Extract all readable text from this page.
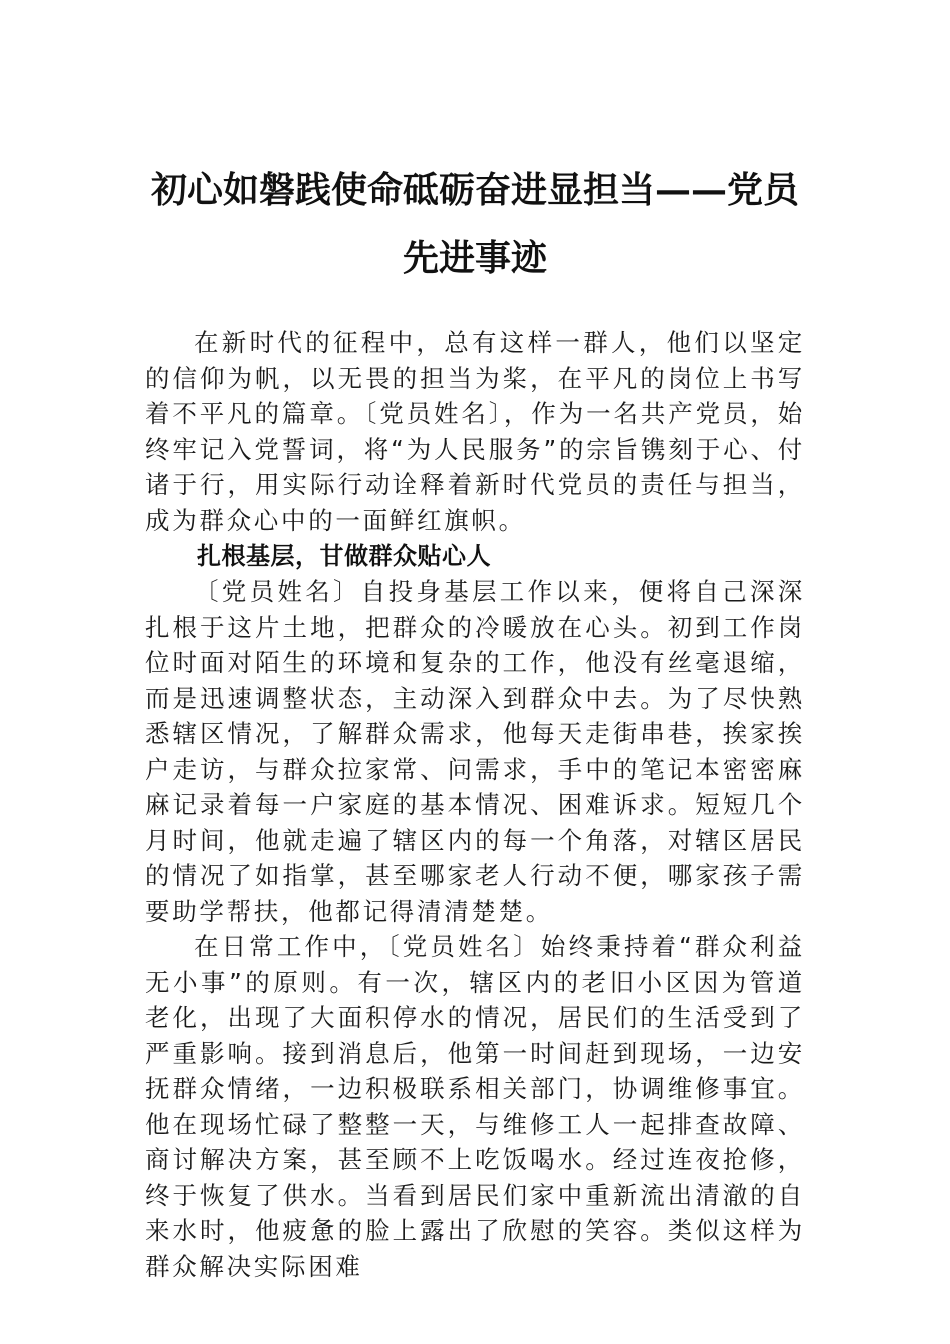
初心如磐践使命砥砺奋进显担当——党员
先进事迹

在新时代的征程中，总有这样一群人，他们以坚定的信仰为帆，以无畏的担当为桨，在平凡的岗位上书写着不平凡的篇章。〔党员姓名〕，作为一名共产党员，始终牢记入党誓词，将“为人民服务”的宗旨镌刻于心、付诸于行，用实际行动诠释着新时代党员的责任与担当，成为群众心中的一面鲜红旗帜。

扎根基层，甘做群众贴心人

〔党员姓名〕自投身基层工作以来，便将自己深深扎根于这片土地，把群众的冷暖放在心头。初到工作岗位时面对陌生的环境和复杂的工作，他没有丝毫退缩，而是迅速调整状态，主动深入到群众中去。为了尽快熟悉辖区情况，了解群众需求，他每天走街串巷，挨家挨户走访，与群众拉家常、问需求，手中的笔记本密密麻麻记录着每一户家庭的基本情况、困难诉求。短短几个月时间，他就走遍了辖区内的每一个角落，对辖区居民的情况了如指掌，甚至哪家老人行动不便，哪家孩子需要助学帮扶，他都记得清清楚楚。

在日常工作中，〔党员姓名〕始终秉持着“群众利益无小事”的原则。有一次，辖区内的老旧小区因为管道老化，出现了大面积停水的情况，居民们的生活受到了严重影响。接到消息后，他第一时间赶到现场，一边安抚群众情绪，一边积极联系相关部门，协调维修事宜。他在现场忙碌了整整一天，与维修工人一起排查故障、商讨解决方案，甚至顾不上吃饭喝水。经过连夜抢修，终于恢复了供水。当看到居民们家中重新流出清澈的自来水时，他疲惫的脸上露出了欣慰的笑容。类似这样为群众解决实际困难
